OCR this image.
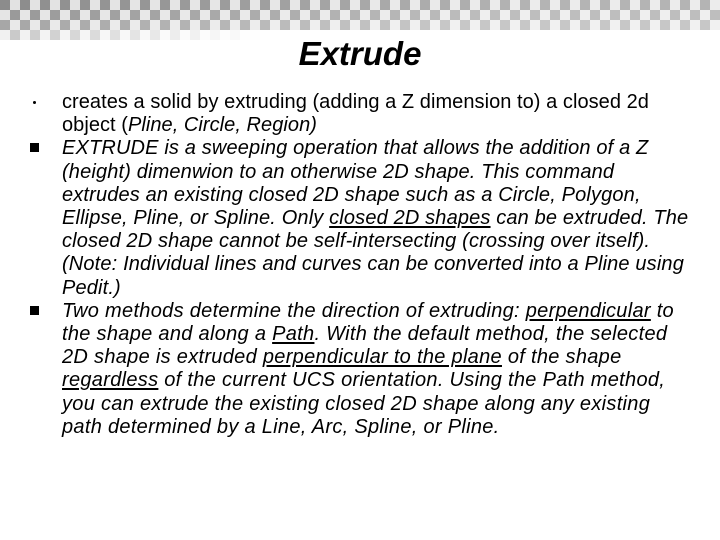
Extrude
creates a solid by extruding (adding a Z dimension to) a closed 2d object (Pline, Circle, Region)
EXTRUDE is a sweeping operation that allows the addition of a Z (height) dimenwion to an otherwise 2D shape. This command extrudes an existing closed 2D shape such as a Circle, Polygon, Ellipse, Pline, or Spline. Only closed 2D shapes can be extruded. The closed 2D shape cannot be self-intersecting (crossing over itself). (Note: Individual lines and curves can be converted into a Pline using Pedit.)
Two methods determine the direction of extruding: perpendicular to the shape and along a Path. With the default method, the selected 2D shape is extruded perpendicular to the plane of the shape regardless of the current UCS orientation. Using the Path method, you can extrude the existing closed 2D shape along any existing path determined by a Line, Arc, Spline, or Pline.
